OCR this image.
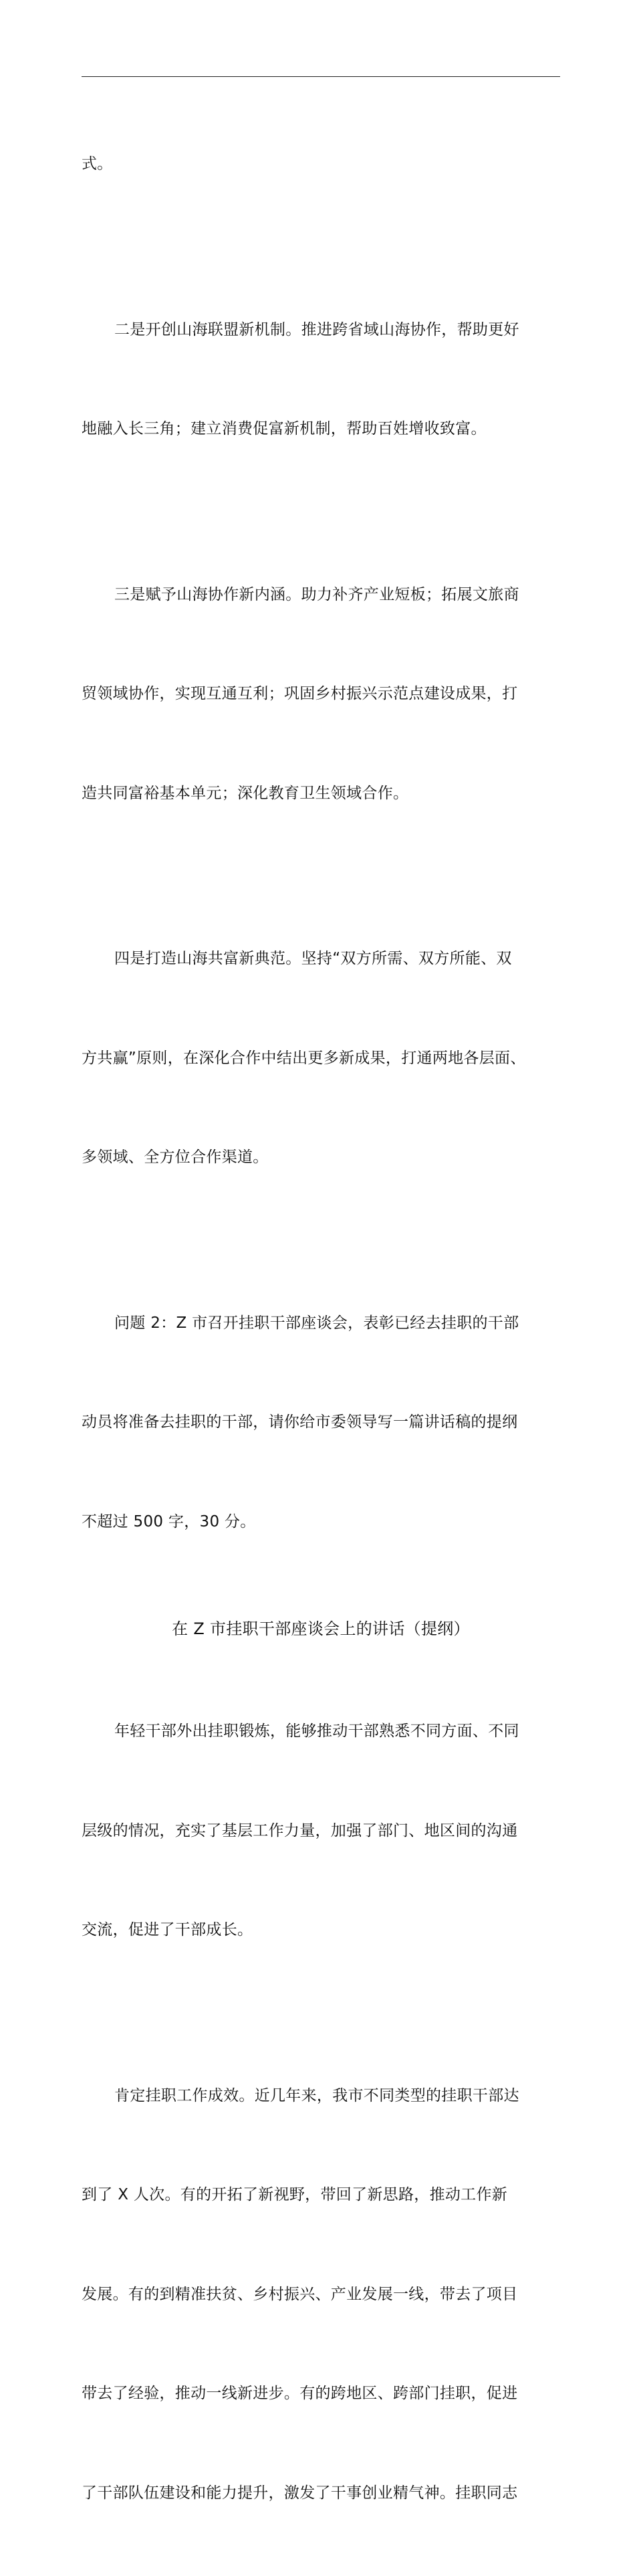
式。

二是开创山海联盟新机制。推进跨省域山海协作，帮助更好

地融入长三角；建立消费促富新机制，帮助百姓增收致富。

三是赋予山海协作新内涵。助力补齐产业短板；拓展文旅商

贸领域协作，实现互通互利；巩固乡村振兴示范点建设成果，打

造共同富裕基本单元；深化教育卫生领域合作。

四是打造山海共富新典范。坚持“双方所需、双方所能、双

方共赢”原则，在深化合作中结出更多新成果，打通两地各层面、

多领域、全方位合作渠道。

问题 2：Z 市召开挂职干部座谈会，表彰已经去挂职的干部

动员将准备去挂职的干部，请你给市委领导写一篇讲话稿的提纲

不超过 500 字，30 分。

在 Z 市挂职干部座谈会上的讲话（提纲）

年轻干部外出挂职锻炼，能够推动干部熟悉不同方面、不同

层级的情况，充实了基层工作力量，加强了部门、地区间的沟通

交流，促进了干部成长。

肯定挂职工作成效。近几年来，我市不同类型的挂职干部达

到了 X 人次。有的开拓了新视野，带回了新思路，推动工作新

发展。有的到精准扶贫、乡村振兴、产业发展一线，带去了项目

带去了经验，推动一线新进步。有的跨地区、跨部门挂职，促进

了干部队伍建设和能力提升，激发了干事创业精气神。挂职同志
